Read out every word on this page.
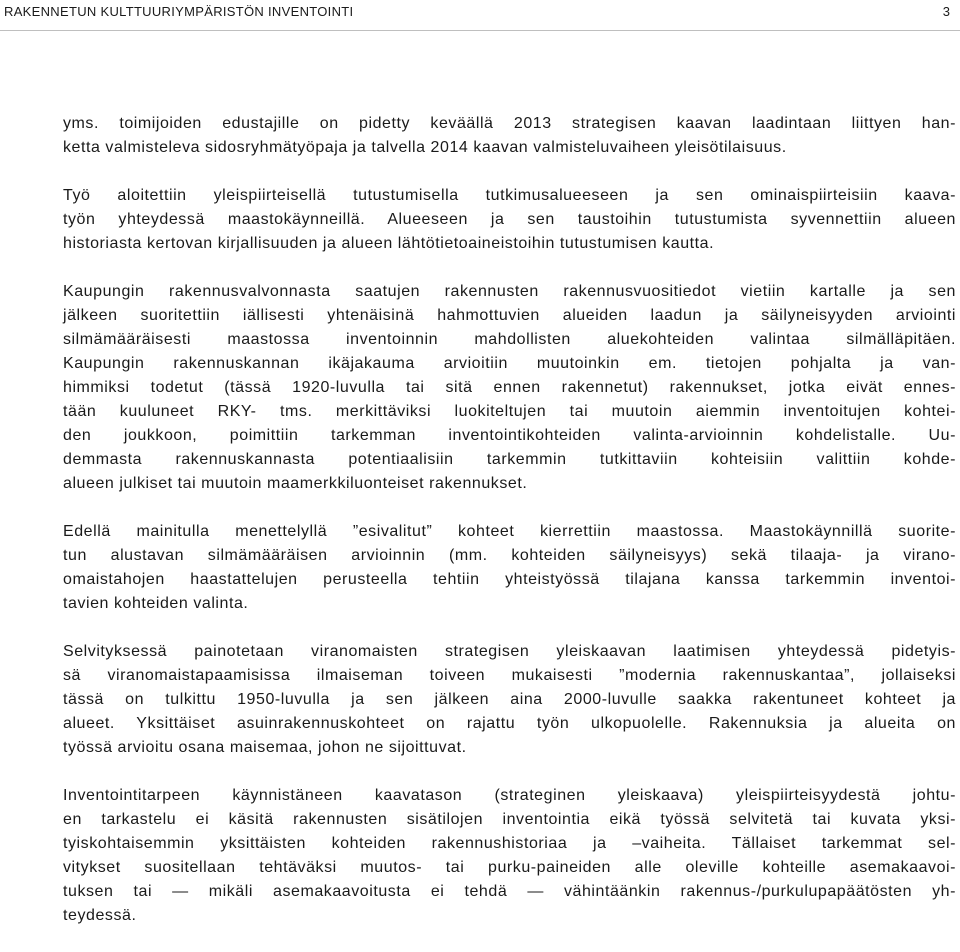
RAKENNETUN KULTTUURIYMPÄRISTÖN INVENTOINTI	3

yms. toimijoiden edustajille on pidetty keväällä 2013 strategisen kaavan laadintaan liittyen han-
ketta valmisteleva sidosryhmätyöpaja ja talvella 2014 kaavan valmisteluvaiheen yleisötilaisuus.

Työ aloitettiin yleispiirteisellä tutustumisella tutkimusalueeseen ja sen ominaispiirteisiin kaava-
työn yhteydessä maastokäynneillä. Alueeseen ja sen taustoihin tutustumista syvennettiin alueen
historiasta kertovan kirjallisuuden ja alueen lähtötietoaineistoihin tutustumisen kautta.

Kaupungin rakennusvalvonnasta saatujen rakennusten rakennusvuositiedot vietiin kartalle ja sen
jälkeen suoritettiin iällisesti yhtenäisinä hahmottuvien alueiden laadun ja säilyneisyyden arviointi
silmämääräisesti maastossa inventoinnin mahdollisten aluekohteiden valintaa silmälläpitäen.
Kaupungin rakennuskannan ikäjakauma arvioitiin muutoinkin em. tietojen pohjalta ja van-
himmiksi todetut (tässä 1920-luvulla tai sitä ennen rakennetut) rakennukset, jotka eivät ennes-
tään kuuluneet RKY- tms. merkittäviksi luokiteltujen tai muutoin aiemmin inventoitujen kohtei-
den joukkoon, poimittiin tarkemman inventointikohteiden valinta-arvioinnin kohdelistalle. Uu-
demmasta rakennuskannasta potentiaalisiin tarkemmin tutkittaviin kohteisiin valittiin kohde-
alueen julkiset tai muutoin maamerkkiluonteiset rakennukset.

Edellä mainitulla menettelyllä ”esivalitut” kohteet kierrettiin maastossa. Maastokäynnillä suorite-
tun alustavan silmämääräisen arvioinnin (mm. kohteiden säilyneisyys) sekä tilaaja- ja virano-
omaistahojen haastattelujen perusteella tehtiin yhteistyössä tilajana kanssa tarkemmin inventoi-
tavien kohteiden valinta.

Selvityksessä painotetaan viranomaisten strategisen yleiskaavan laatimisen yhteydessä pidetyis-
sä viranomaistapaamisissa ilmaiseman toiveen mukaisesti ”modernia rakennuskantaa”, jollaiseksi
tässä on tulkittu 1950-luvulla ja sen jälkeen aina 2000-luvulle saakka rakentuneet kohteet ja
alueet. Yksittäiset asuinrakennuskohteet on rajattu työn ulkopuolelle. Rakennuksia ja alueita on
työssä arvioitu osana maisemaa, johon ne sijoittuvat.

Inventointitarpeen käynnistäneen kaavatason (strateginen yleiskaava) yleispiirteisyydestä johtu-
en tarkastelu ei käsitä rakennusten sisätilojen inventointia eikä työssä selvitetä tai kuvata yksi-
tyiskohtaisemmin yksittäisten kohteiden rakennushistoriaa ja –vaiheita. Tällaiset tarkemmat sel-
vitykset suositellaan tehtäväksi muutos- tai purku-paineiden alle oleville kohteille asemakaavoi-
tuksen tai — mikäli asemakaavoitusta ei tehdä — vähintäänkin rakennus-/purkulupapäätösten yh-
teydessä.
